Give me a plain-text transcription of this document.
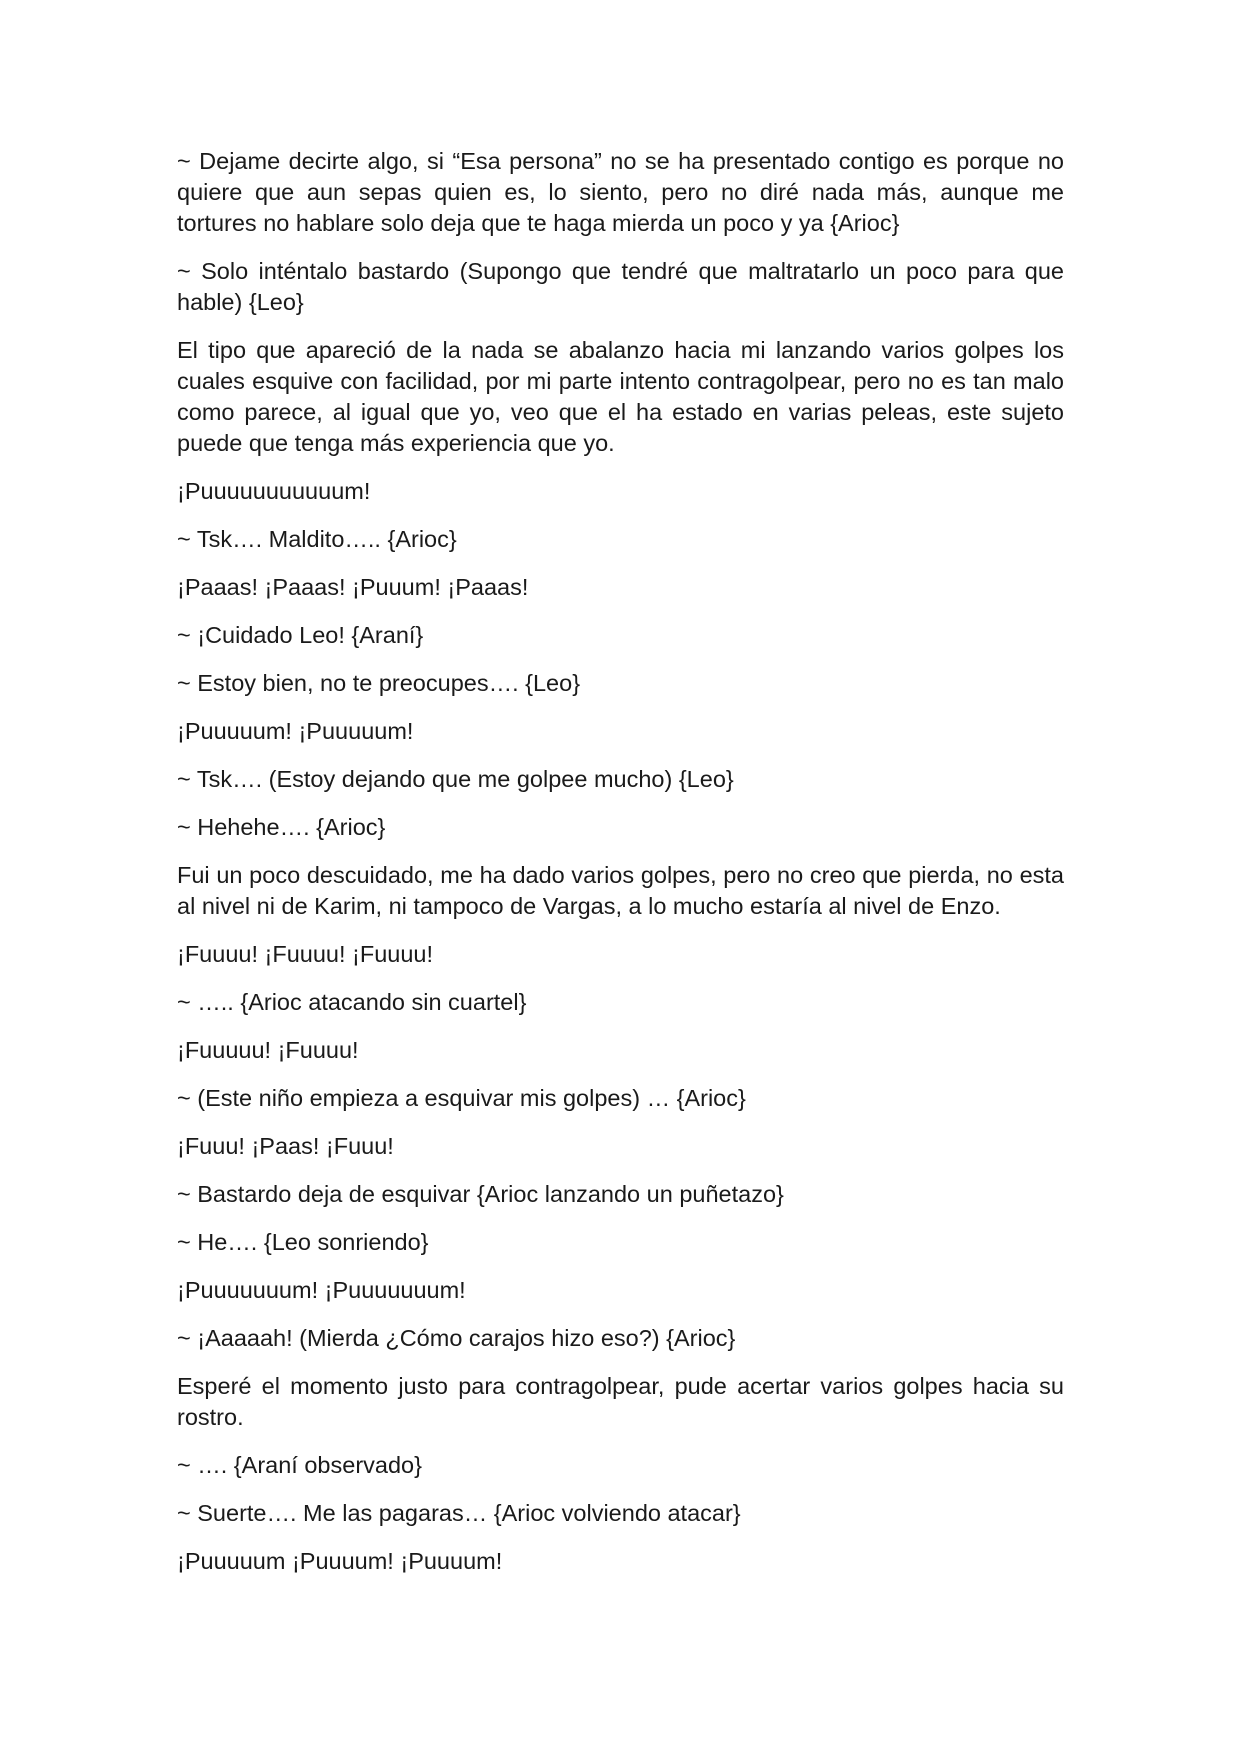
~ Dejame decirte algo, si “Esa persona” no se ha presentado contigo es porque no quiere que aun sepas quien es, lo siento, pero no diré nada más, aunque me tortures no hablare solo deja que te haga mierda un poco y ya {Arioc}

~ Solo inténtalo bastardo (Supongo que tendré que maltratarlo un poco para que hable) {Leo}

El tipo que apareció de la nada se abalanzo hacia mi lanzando varios golpes los cuales esquive con facilidad, por mi parte intento contragolpear, pero no es tan malo como parece, al igual que yo, veo que el ha estado en varias peleas, este sujeto puede que tenga más experiencia que yo.

¡Puuuuuuuuuuum!

~ Tsk…. Maldito….. {Arioc}

¡Paaas! ¡Paaas! ¡Puuum! ¡Paaas!

~ ¡Cuidado Leo! {Araní}

~ Estoy bien, no te preocupes…. {Leo}

¡Puuuuum! ¡Puuuuum!

~ Tsk…. (Estoy dejando que me golpee mucho) {Leo}

~ Hehehe…. {Arioc}

Fui un poco descuidado, me ha dado varios golpes, pero no creo que pierda, no esta al nivel ni de Karim, ni tampoco de Vargas, a lo mucho estaría al nivel de Enzo.

¡Fuuuu! ¡Fuuuu! ¡Fuuuu!

~ ….. {Arioc atacando sin cuartel}

¡Fuuuuu! ¡Fuuuu!

~ (Este niño empieza a esquivar mis golpes) … {Arioc}

¡Fuuu! ¡Paas! ¡Fuuu!

~ Bastardo deja de esquivar {Arioc lanzando un puñetazo}

~ He…. {Leo sonriendo}

¡Puuuuuuum! ¡Puuuuuuum!

~ ¡Aaaaah! (Mierda ¿Cómo carajos hizo eso?) {Arioc}

Esperé el momento justo para contragolpear, pude acertar varios golpes hacia su rostro.

~ …. {Araní observado}

~ Suerte…. Me las pagaras… {Arioc volviendo atacar}

¡Puuuuum ¡Puuuum! ¡Puuuum!
